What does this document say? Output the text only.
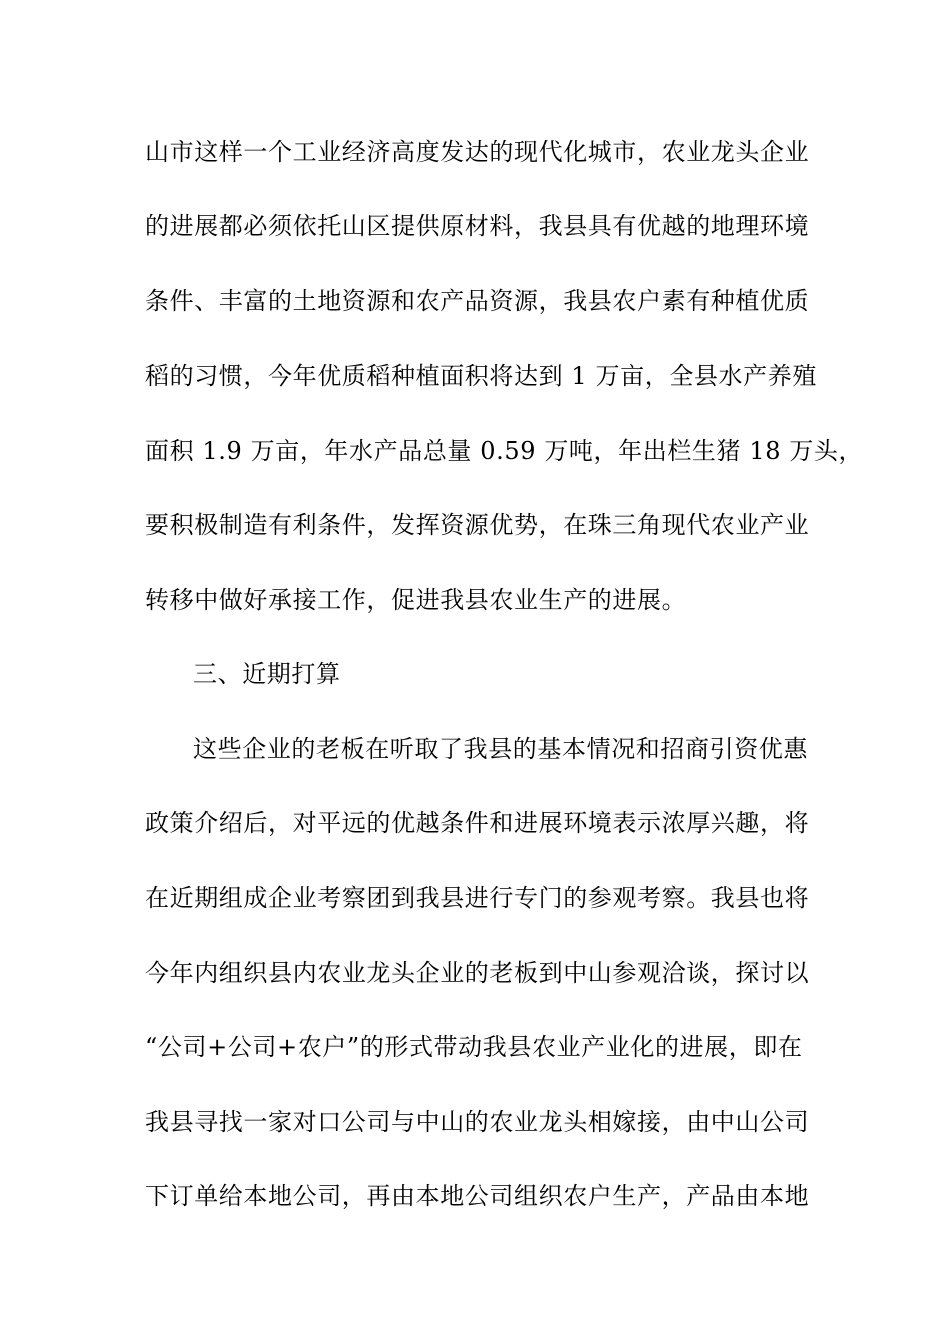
山市这样一个工业经济高度发达的现代化城市，农业龙头企业
的进展都必须依托山区提供原材料，我县具有优越的地理环境
条件、丰富的土地资源和农产品资源，我县农户素有种植优质
稻的习惯，今年优质稻种植面积将达到 1 万亩，全县水产养殖
面积 1.9 万亩，年水产品总量 0.59 万吨，年出栏生猪 18 万头，
要积极制造有利条件，发挥资源优势，在珠三角现代农业产业
转移中做好承接工作，促进我县农业生产的进展。
三、近期打算
这些企业的老板在听取了我县的基本情况和招商引资优惠
政策介绍后，对平远的优越条件和进展环境表示浓厚兴趣，将
在近期组成企业考察团到我县进行专门的参观考察。我县也将
今年内组织县内农业龙头企业的老板到中山参观洽谈，探讨以
“公司+公司+农户”的形式带动我县农业产业化的进展，即在
我县寻找一家对口公司与中山的农业龙头相嫁接，由中山公司
下订单给本地公司，再由本地公司组织农户生产，产品由本地
